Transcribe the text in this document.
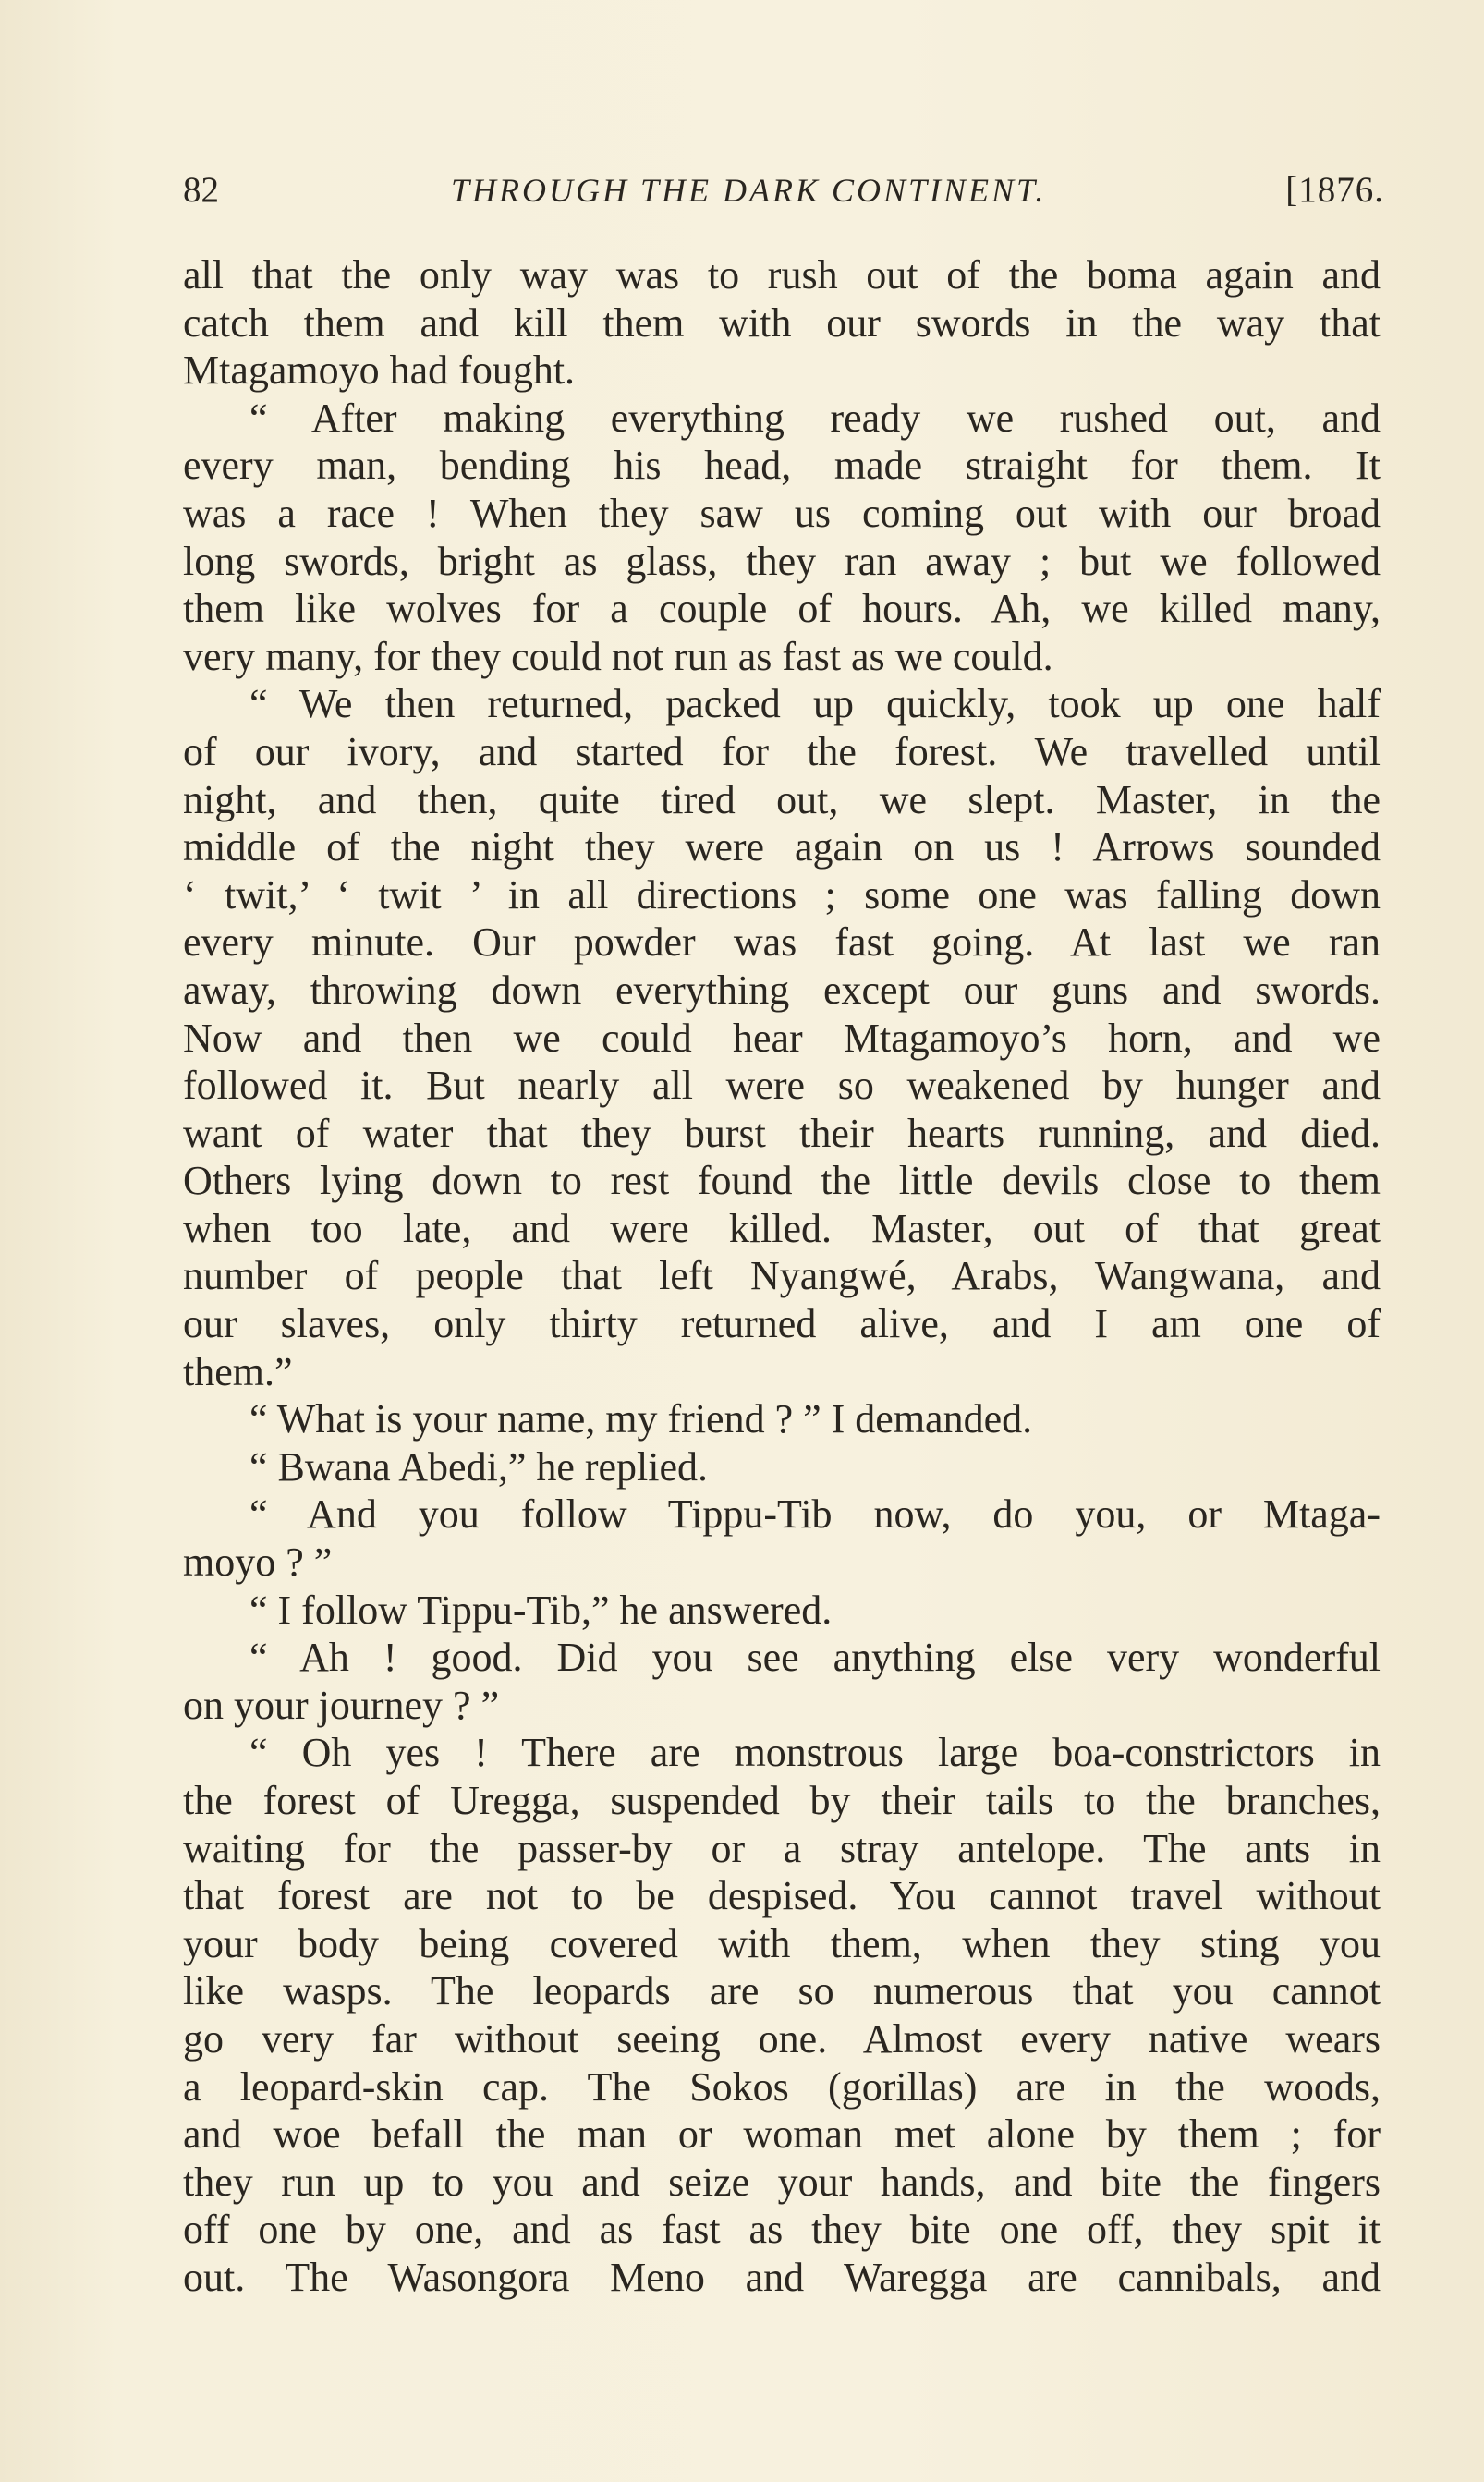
82	THROUGH THE DARK CONTINENT.	[1876.
all that the only way was to rush out of the boma again and
catch them and kill them with our swords in the way that
Mtagamoyo had fought.
“ After making everything ready we rushed out, and
every man, bending his head, made straight for them. It
was a race ! When they saw us coming out with our broad
long swords, bright as glass, they ran away ; but we followed
them like wolves for a couple of hours. Ah, we killed many,
very many, for they could not run as fast as we could.
“ We then returned, packed up quickly, took up one half
of our ivory, and started for the forest. We travelled until
night, and then, quite tired out, we slept. Master, in the
middle of the night they were again on us ! Arrows sounded
‘ twit,’ ‘ twit ’ in all directions ; some one was falling down
every minute. Our powder was fast going. At last we ran
away, throwing down everything except our guns and swords.
Now and then we could hear Mtagamoyo’s horn, and we
followed it. But nearly all were so weakened by hunger and
want of water that they burst their hearts running, and died.
Others lying down to rest found the little devils close to them
when too late, and were killed. Master, out of that great
number of people that left Nyangwé, Arabs, Wangwana, and
our slaves, only thirty returned alive, and I am one of
them.”
“ What is your name, my friend ? ” I demanded.
“ Bwana Abedi,” he replied.
“ And you follow Tippu-Tib now, do you, or Mtaga-
moyo ? ”
“ I follow Tippu-Tib,” he answered.
“ Ah ! good. Did you see anything else very wonderful
on your journey ? ”
“ Oh yes ! There are monstrous large boa-constrictors in
the forest of Uregga, suspended by their tails to the branches,
waiting for the passer-by or a stray antelope. The ants in
that forest are not to be despised. You cannot travel without
your body being covered with them, when they sting you
like wasps. The leopards are so numerous that you cannot
go very far without seeing one. Almost every native wears
a leopard-skin cap. The Sokos (gorillas) are in the woods,
and woe befall the man or woman met alone by them ; for
they run up to you and seize your hands, and bite the fingers
off one by one, and as fast as they bite one off, they spit it
out. The Wasongora Meno and Waregga are cannibals, and
